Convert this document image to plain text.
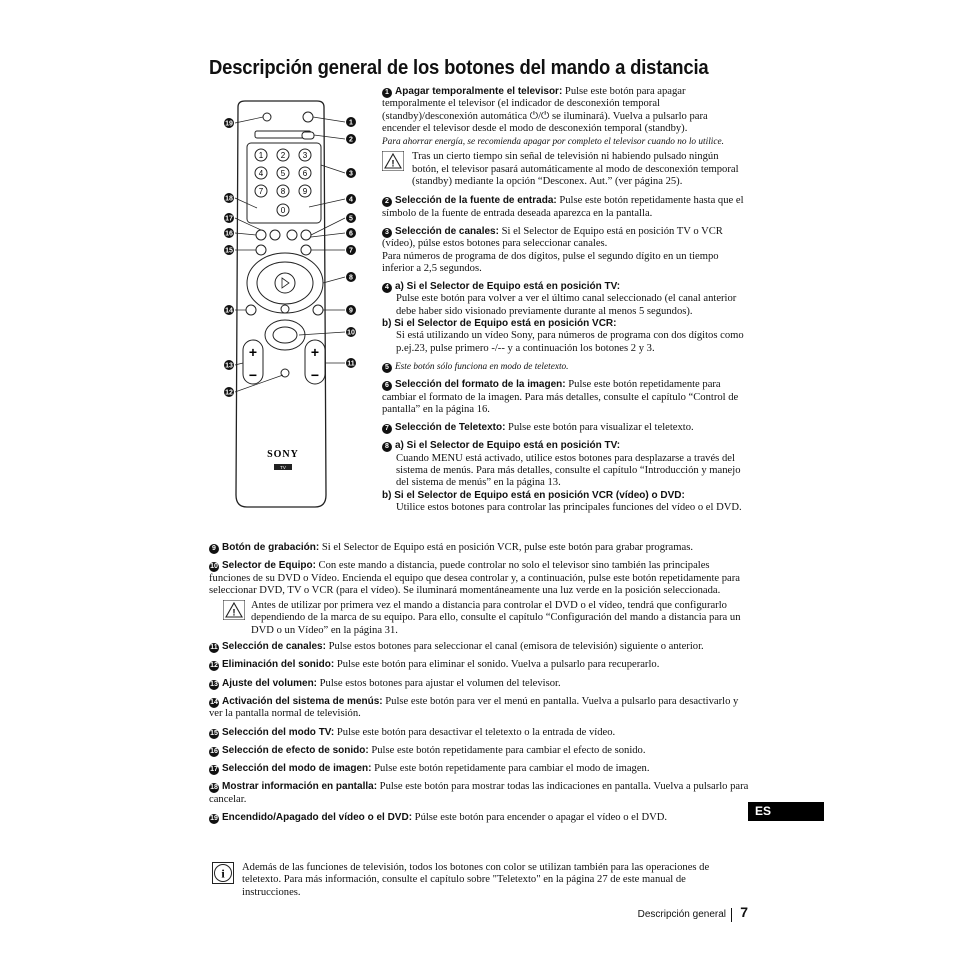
Descripción general de los botones del mando a distancia
1 2 3
4 5 6
7 8 9
0
+
−
+
−
SONY
TV
1
2
3
4
5
6
7
8
9
10
11
19
18
17
16
15
14
13
12

1 Apagar temporalmente el televisor: Pulse este botón para apagar temporalmente el televisor (el indicador de desconexión temporal (standby)/desconexión automática ⏻/⏻ se iluminará). Vuelva a pulsarlo para encender el televisor desde el modo de desconexión temporal (standby).

Para ahorrar energía, se recomienda apagar por completo el televisor cuando no lo utilice.

!
Tras un cierto tiempo sin señal de televisión ni habiendo pulsado ningún botón, el televisor pasará automáticamente al modo de desconexión temporal (standby) mediante la opción “Desconex. Aut.” (ver página 25).

2 Selección de la fuente de entrada: Pulse este botón repetidamente hasta que el símbolo de la fuente de entrada deseada aparezca en la pantalla.

3 Selección de canales: Si el Selector de Equipo está en posición TV o VCR (vídeo), púlse estos botones para seleccionar canales.
Para números de programa de dos dígitos, pulse el segundo dígito en un tiempo inferior a 2,5 segundos.

4 a) Si el Selector de Equipo está en posición TV:

Pulse este botón para volver a ver el último canal seleccionado (el canal anterior debe haber sido visionado previamente durante al menos 5 segundos).

b) Si el Selector de Equipo está en posición VCR:

Si está utilizando un vídeo Sony, para números de programa con dos dígitos como p.ej.23, pulse primero -/-- y a continuación los botones 2 y 3.

5 Este botón sólo funciona en modo de teletexto.

6 Selección del formato de la imagen: Pulse este botón repetidamente para cambiar el formato de la imagen. Para más detalles, consulte el capítulo “Control de pantalla” en la página 16.

7 Selección de Teletexto: Pulse este botón para visualizar el teletexto.

8 a) Si el Selector de Equipo está en posición TV:

Cuando MENU está activado, utilice estos botones para desplazarse a través del sistema de menús. Para más detalles, consulte el capítulo “Introducción y manejo del sistema de menús” en la página 13.

b) Si el Selector de Equipo está en posición VCR (vídeo) o DVD:

Utilice estos botones para controlar las principales funciones del vídeo o el DVD.

9 Botón de grabación: Si el Selector de Equipo está en posición VCR, pulse este botón para grabar programas.

10 Selector de Equipo: Con este mando a distancia, puede controlar no solo el televisor sino también las principales funciones de su DVD o Vídeo. Encienda el equipo que desea controlar y, a continuación, pulse este botón repetidamente para seleccionar DVD, TV o VCR (para el vídeo). Se iluminará momentáneamente una luz verde en la posición seleccionada.

!
Antes de utilizar por primera vez el mando a distancia para controlar el DVD o el vídeo, tendrá que configurarlo dependiendo de la marca de su equipo. Para ello, consulte el capítulo “Configuración del mando a distancia para un DVD o un Vídeo” en la página 31.

11 Selección de canales: Pulse estos botones para seleccionar el canal (emisora de televisión) siguiente o anterior.

12 Eliminación del sonido: Pulse este botón para eliminar el sonido. Vuelva a pulsarlo para recuperarlo.

13 Ajuste del volumen: Pulse estos botones para ajustar el volumen del televisor.

14 Activación del sistema de menús: Pulse este botón para ver el menú en pantalla. Vuelva a pulsarlo para desactivarlo y ver la pantalla normal de televisión.

15 Selección del modo TV: Pulse este botón para desactivar el teletexto o la entrada de vídeo.

16 Selección de efecto de sonido: Pulse este botón repetidamente para cambiar el efecto de sonido.

17 Selección del modo de imagen: Pulse este botón repetidamente para cambiar el modo de imagen.

18 Mostrar información en pantalla: Pulse este botón para mostrar todas las indicaciones en pantalla. Vuelva a pulsarlo para cancelar.

19 Encendido/Apagado del vídeo o el DVD: Púlse este botón para encender o apagar el vídeo o el DVD.

i Además de las funciones de televisión, todos los botones con color se utilizan también para las operaciones de teletexto. Para más información, consulte el capítulo sobre "Teletexto" en la página 27 de este manual de instrucciones.
ES
Descripción general 7
